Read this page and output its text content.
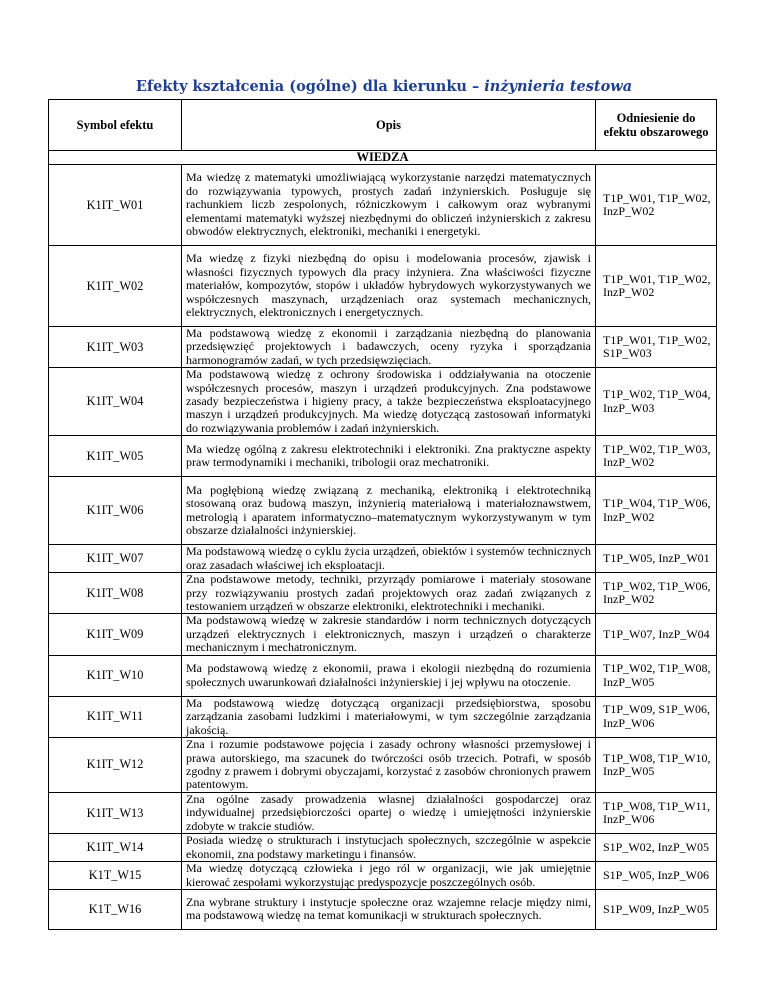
Efekty kształcenia (ogólne) dla kierunku – inżynieria testowa
Symbol efektu	Opis	Odniesienie do efektu obszarowego
WIEDZA		
K1IT_W01	Ma wiedzę z matematyki umożliwiającą wykorzystanie narzędzi matematycznych do rozwiązywania typowych, prostych zadań inżynierskich. Posługuje się rachunkiem liczb zespolonych, różniczkowym i całkowym oraz wybranymi elementami matematyki wyższej niezbędnymi do obliczeń inżynierskich z zakresu obwodów elektrycznych, elektroniki, mechaniki i energetyki.	T1P_W01, T1P_W02, InzP_W02
K1IT_W02	Ma wiedzę z fizyki niezbędną do opisu i modelowania procesów, zjawisk i własności fizycznych typowych dla pracy inżyniera. Zna właściwości fizyczne materiałów, kompozytów, stopów i układów hybrydowych wykorzystywanych we współczesnych maszynach, urządzeniach oraz systemach mechanicznych, elektrycznych, elektronicznych i energetycznych.	T1P_W01, T1P_W02, InzP_W02
K1IT_W03	Ma podstawową wiedzę z ekonomii i zarządzania niezbędną do planowania przedsięwzięć projektowych i badawczych, oceny ryzyka i sporządzania harmonogramów zadań, w tych przedsięwzięciach.	T1P_W01, T1P_W02, S1P_W03
K1IT_W04	Ma podstawową wiedzę z ochrony środowiska i oddziaływania na otoczenie współczesnych procesów, maszyn i urządzeń produkcyjnych. Zna podstawowe zasady bezpieczeństwa i higieny pracy, a także bezpieczeństwa eksploatacyjnego maszyn i urządzeń produkcyjnych. Ma wiedzę dotyczącą zastosowań informatyki do rozwiązywania problemów i zadań inżynierskich.	T1P_W02, T1P_W04, InzP_W03
K1IT_W05	Ma wiedzę ogólną z zakresu elektrotechniki i elektroniki. Zna praktyczne aspekty praw termodynamiki i mechaniki, tribologii oraz mechatroniki.	T1P_W02, T1P_W03, InzP_W02
K1IT_W06	Ma pogłębioną wiedzę związaną z mechaniką, elektroniką i elektrotechniką stosowaną oraz budową maszyn, inżynierią materiałową i materiałoznawstwem, metrologią i aparatem informatyczno–matematycznym wykorzystywanym w tym obszarze działalności inżynierskiej.	T1P_W04, T1P_W06, InzP_W02
K1IT_W07	Ma podstawową wiedzę o cyklu życia urządzeń, obiektów i systemów technicznych oraz zasadach właściwej ich eksploatacji.	T1P_W05, InzP_W01
K1IT_W08	Zna podstawowe metody, techniki, przyrządy pomiarowe i materiały stosowane przy rozwiązywaniu prostych zadań projektowych oraz zadań związanych z testowaniem urządzeń w obszarze elektroniki, elektrotechniki i mechaniki.	T1P_W02, T1P_W06, InzP_W02
K1IT_W09	Ma podstawową wiedzę w zakresie standardów i norm technicznych dotyczących urządzeń elektrycznych i elektronicznych, maszyn i urządzeń o charakterze mechanicznym i mechatronicznym.	T1P_W07, InzP_W04
K1IT_W10	Ma podstawową wiedzę z ekonomii, prawa i ekologii niezbędną do rozumienia społecznych uwarunkowań działalności inżynierskiej i jej wpływu na otoczenie.	T1P_W02, T1P_W08, InzP_W05
K1IT_W11	Ma podstawową wiedzę dotyczącą organizacji przedsiębiorstwa, sposobu zarządzania zasobami ludzkimi i materiałowymi, w tym szczególnie zarządzania jakością.	T1P_W09, S1P_W06, InzP_W06
K1IT_W12	Zna i rozumie podstawowe pojęcia i zasady ochrony własności przemysłowej i prawa autorskiego, ma szacunek do twórczości osób trzecich. Potrafi, w sposób zgodny z prawem i dobrymi obyczajami, korzystać z zasobów chronionych prawem patentowym.	T1P_W08, T1P_W10, InzP_W05
K1IT_W13	Zna ogólne zasady prowadzenia własnej działalności gospodarczej oraz indywidualnej przedsiębiorczości opartej o wiedzę i umiejętności inżynierskie zdobyte w trakcie studiów.	T1P_W08, T1P_W11, InzP_W06
K1IT_W14	Posiada wiedzę o strukturach i instytucjach społecznych, szczególnie w aspekcie ekonomii, zna podstawy marketingu i finansów.	S1P_W02, InzP_W05
K1T_W15	Ma wiedzę dotyczącą człowieka i jego ról w organizacji, wie jak umiejętnie kierować zespołami wykorzystując predyspozycje poszczególnych osób.	S1P_W05, InzP_W06
K1T_W16	Zna wybrane struktury i instytucje społeczne oraz wzajemne relacje między nimi, ma podstawową wiedzę na temat komunikacji w strukturach społecznych.	S1P_W09, InzP_W05
